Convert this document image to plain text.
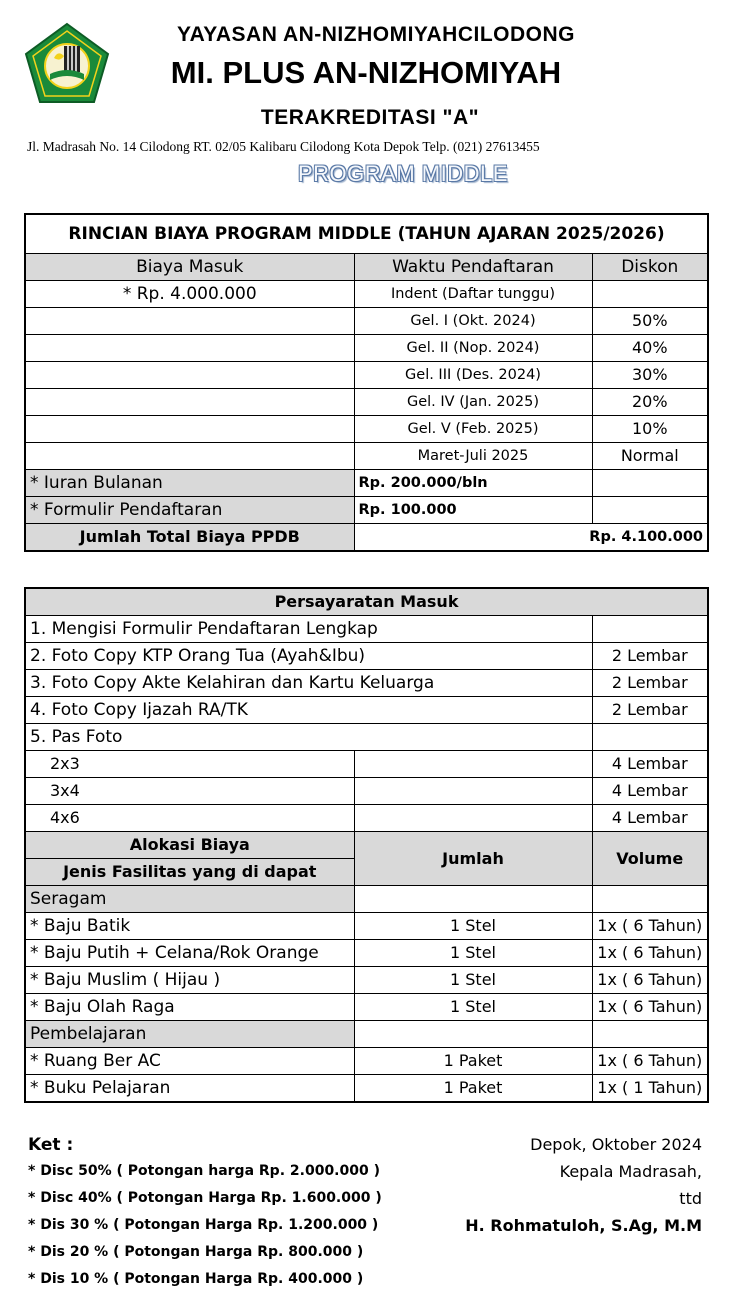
YAYASAN AN-NIZHOMIYAHCILODONG
MI. PLUS AN-NIZHOMIYAH
TERAKREDITASI "A"
Jl. Madrasah No. 14 Cilodong RT. 02/05 Kalibaru Cilodong Kota Depok Telp. (021) 27613455
PROGRAM MIDDLE
RINCIAN BIAYA PROGRAM MIDDLE (TAHUN AJARAN 2025/2026)		
Biaya Masuk	Waktu Pendaftaran	Diskon
* Rp. 4.000.000	Indent (Daftar tunggu)	
	Gel. I (Okt. 2024)	50%
	Gel. II (Nop. 2024)	40%
	Gel. III (Des. 2024)	30%
	Gel. IV (Jan. 2025)	20%
	Gel. V (Feb. 2025)	10%
	Maret-Juli 2025	Normal
* Iuran Bulanan	Rp. 200.000/bln	
* Formulir Pendaftaran	Rp. 100.000	
Jumlah Total Biaya PPDB	Rp. 4.100.000	
Persayaratan Masuk		
1. Mengisi Formulir Pendaftaran Lengkap		
2. Foto Copy KTP Orang Tua (Ayah&Ibu)		2 Lembar
3. Foto Copy Akte Kelahiran dan Kartu Keluarga		2 Lembar
4. Foto Copy Ijazah RA/TK		2 Lembar
5. Pas Foto		
2x3		4 Lembar
3x4		4 Lembar
4x6		4 Lembar
Alokasi Biaya	Jumlah	Volume
Jenis Fasilitas yang di dapat		
Seragam		
* Baju Batik	1 Stel	1x ( 6 Tahun)
* Baju Putih + Celana/Rok Orange	1 Stel	1x ( 6 Tahun)
* Baju Muslim ( Hijau )	1 Stel	1x ( 6 Tahun)
* Baju Olah Raga	1 Stel	1x ( 6 Tahun)
Pembelajaran		
* Ruang Ber AC	1 Paket	1x ( 6 Tahun)
* Buku Pelajaran	1 Paket	1x ( 1 Tahun)
Ket :
* Disc 50% ( Potongan harga Rp. 2.000.000 )
* Disc 40% ( Potongan Harga Rp. 1.600.000 )
* Dis 30 % ( Potongan Harga Rp. 1.200.000 )
* Dis 20 % ( Potongan Harga Rp. 800.000 )
* Dis 10 % ( Potongan Harga Rp. 400.000 )
Depok, Oktober 2024
Kepala Madrasah,
ttd
H. Rohmatuloh, S.Ag, M.M
